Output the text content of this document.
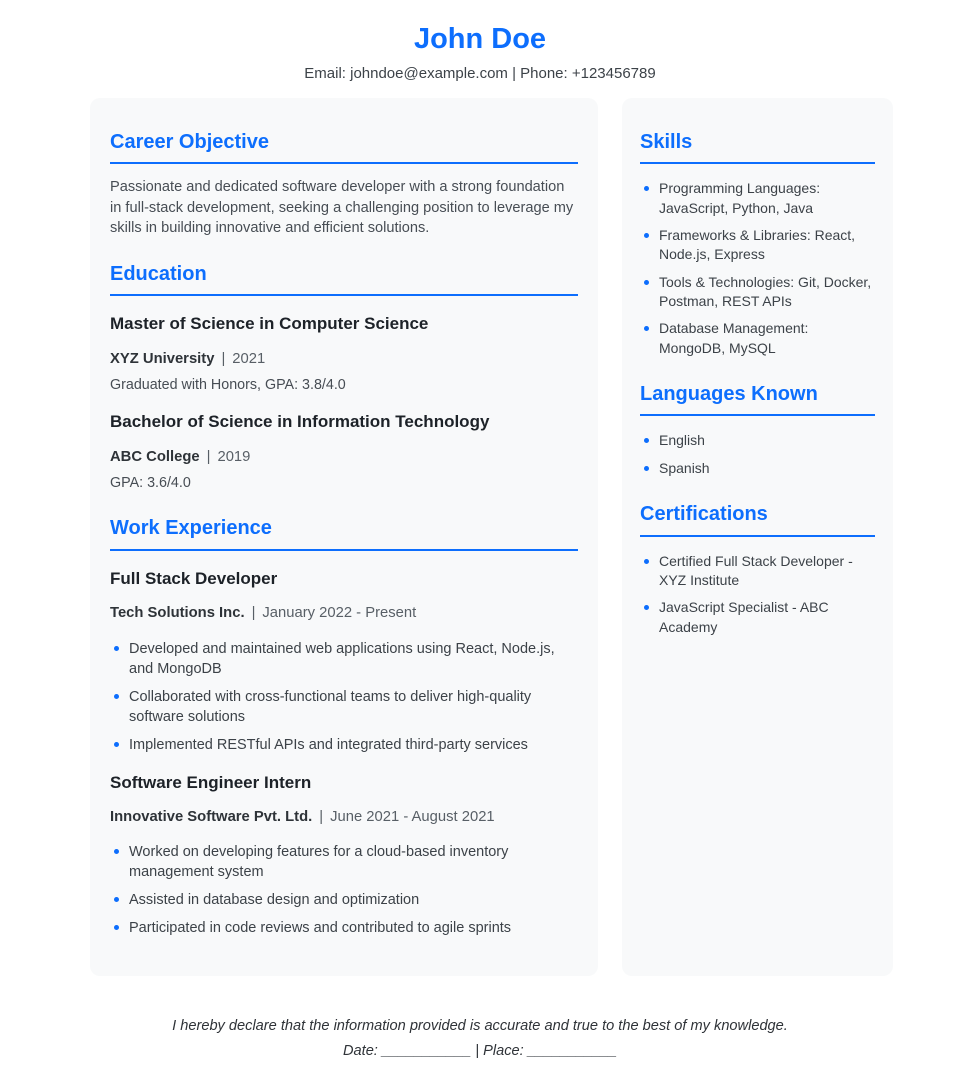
John Doe
Email: johndoe@example.com | Phone: +123456789
Career Objective

Passionate and dedicated software developer with a strong foundation in full-stack development, seeking a challenging position to leverage my skills in building innovative and efficient solutions.

Education
Master of Science in Computer Science

XYZ University | 2021

Graduated with Honors, GPA: 3.8/4.0

Bachelor of Science in Information Technology

ABC College | 2019

GPA: 3.6/4.0

Work Experience
Full Stack Developer

Tech Solutions Inc. | January 2022 - Present

Developed and maintained web applications using React, Node.js, and MongoDB
Collaborated with cross-functional teams to deliver high-quality software solutions
Implemented RESTful APIs and integrated third-party services
Software Engineer Intern

Innovative Software Pvt. Ltd. | June 2021 - August 2021

Worked on developing features for a cloud-based inventory management system
Assisted in database design and optimization
Participated in code reviews and contributed to agile sprints
Skills
Programming Languages: JavaScript, Python, Java
Frameworks & Libraries: React, Node.js, Express
Tools & Technologies: Git, Docker, Postman, REST APIs
Database Management: MongoDB, MySQL
Languages Known
English
Spanish
Certifications
Certified Full Stack Developer - XYZ Institute
JavaScript Specialist - ABC Academy

I hereby declare that the information provided is accurate and true to the best of my knowledge.

Date: ___________ | Place: ___________
